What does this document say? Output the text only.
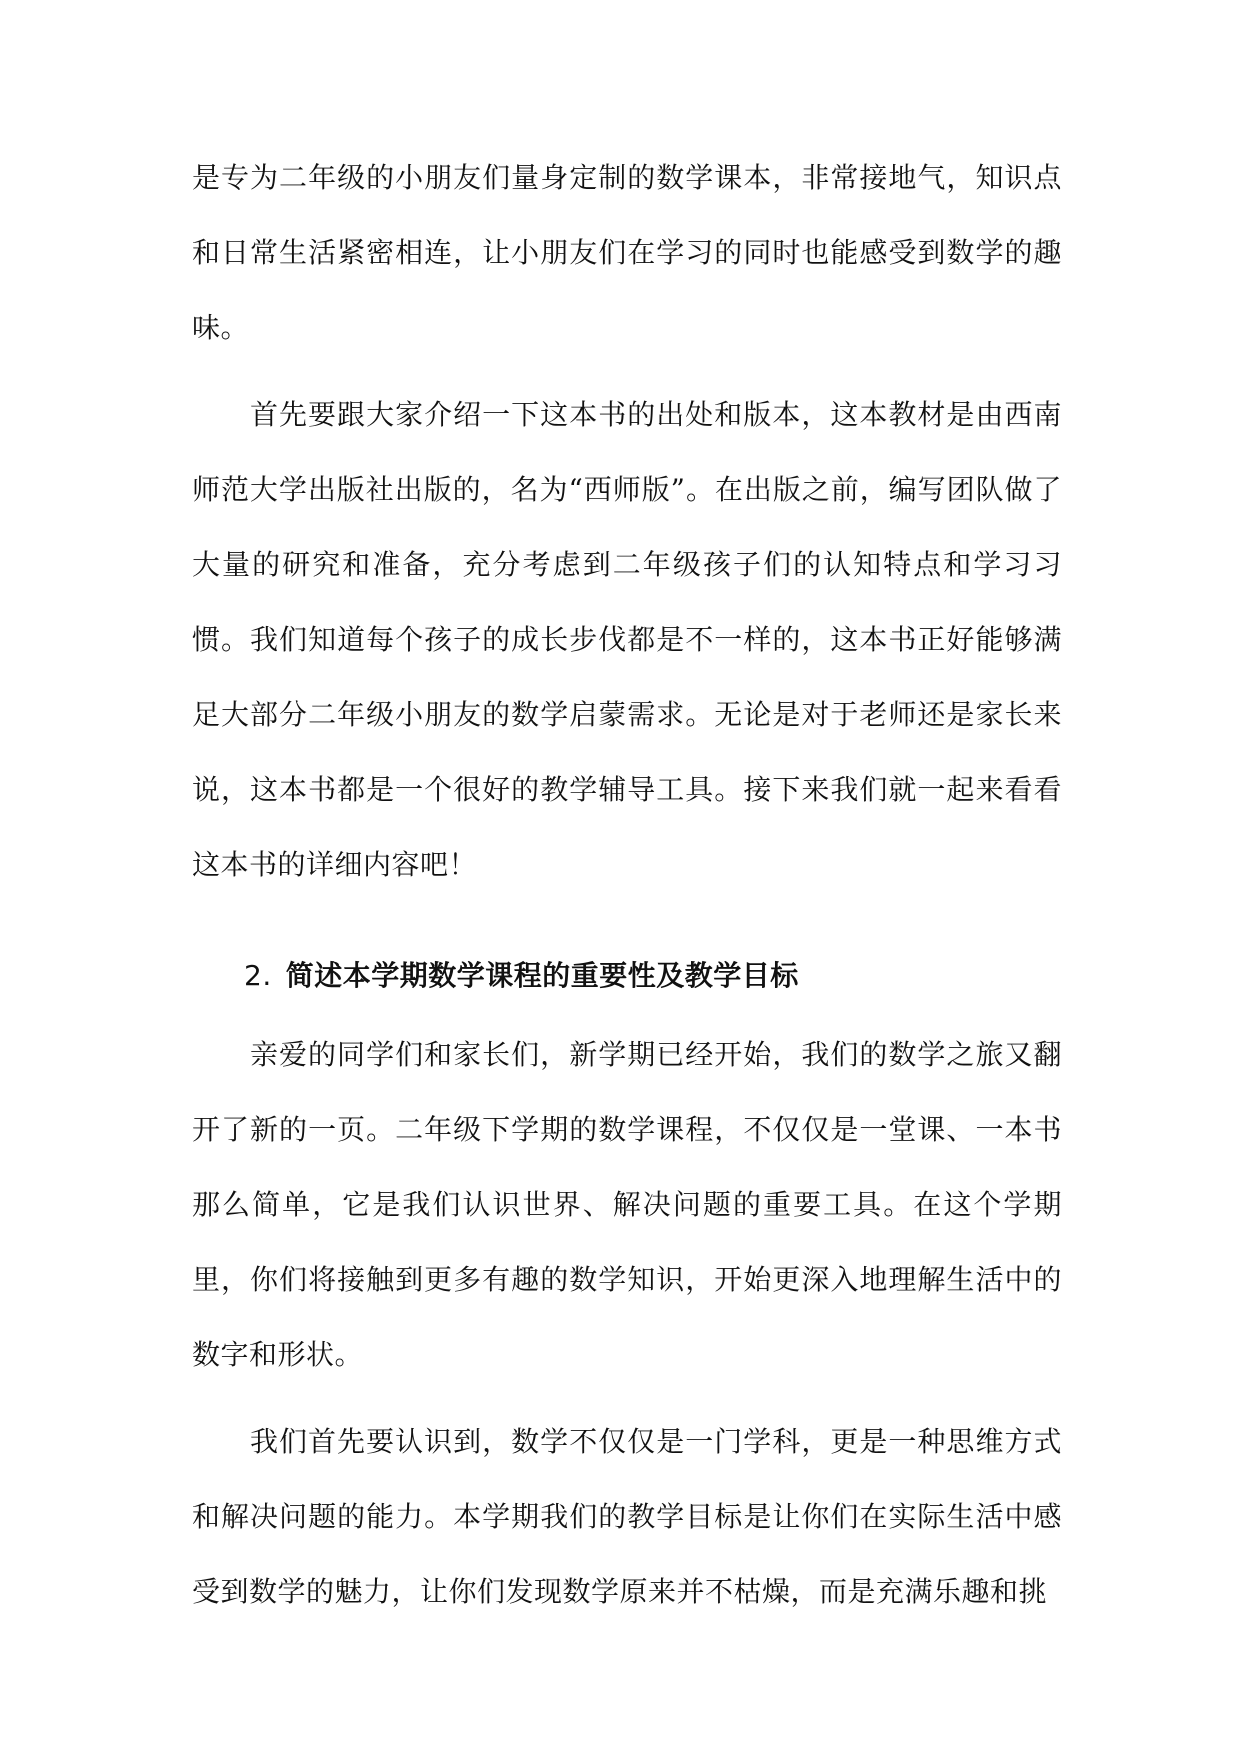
是专为二年级的小朋友们量身定制的数学课本，非常接地气，知识点和日常生活紧密相连，让小朋友们在学习的同时也能感受到数学的趣味。

首先要跟大家介绍一下这本书的出处和版本，这本教材是由西南师范大学出版社出版的，名为“西师版”。在出版之前，编写团队做了大量的研究和准备，充分考虑到二年级孩子们的认知特点和学习习惯。我们知道每个孩子的成长步伐都是不一样的，这本书正好能够满足大部分二年级小朋友的数学启蒙需求。无论是对于老师还是家长来说，这本书都是一个很好的教学辅导工具。接下来我们就一起来看看这本书的详细内容吧！

2. 简述本学期数学课程的重要性及教学目标

亲爱的同学们和家长们，新学期已经开始，我们的数学之旅又翻开了新的一页。二年级下学期的数学课程，不仅仅是一堂课、一本书那么简单，它是我们认识世界、解决问题的重要工具。在这个学期里，你们将接触到更多有趣的数学知识，开始更深入地理解生活中的数字和形状。

我们首先要认识到，数学不仅仅是一门学科，更是一种思维方式和解决问题的能力。本学期我们的教学目标是让你们在实际生活中感受到数学的魅力，让你们发现数学原来并不枯燥，而是充满乐趣和挑
